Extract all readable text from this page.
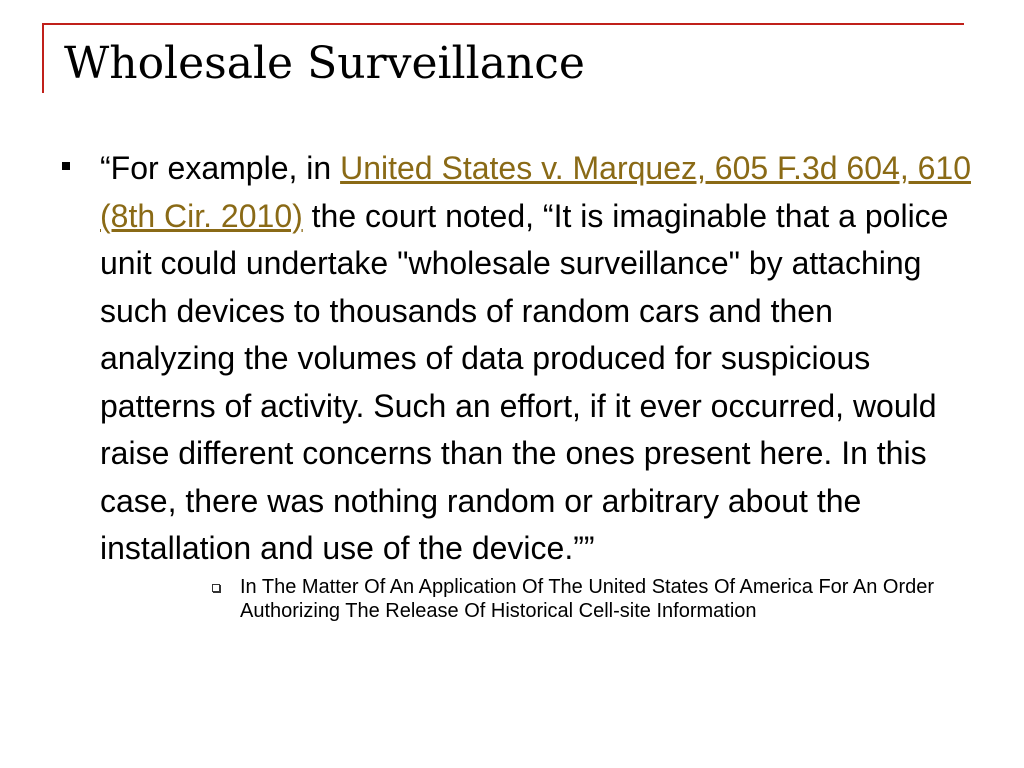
Wholesale Surveillance

“For example, in United States v. Marquez, 605 F.3d 604, 610 (8th Cir. 2010) the court noted, “It is imaginable that a police unit could undertake "wholesale surveillance" by attaching such devices to thousands of random cars and then analyzing the volumes of data produced for suspicious patterns of activity. Such an effort, if it ever occurred, would raise different concerns than the ones present here. In this case, there was nothing random or arbitrary about the installation and use of the device.””

In The Matter Of An Application Of The United States Of America For An Order Authorizing The Release Of Historical Cell-site Information
